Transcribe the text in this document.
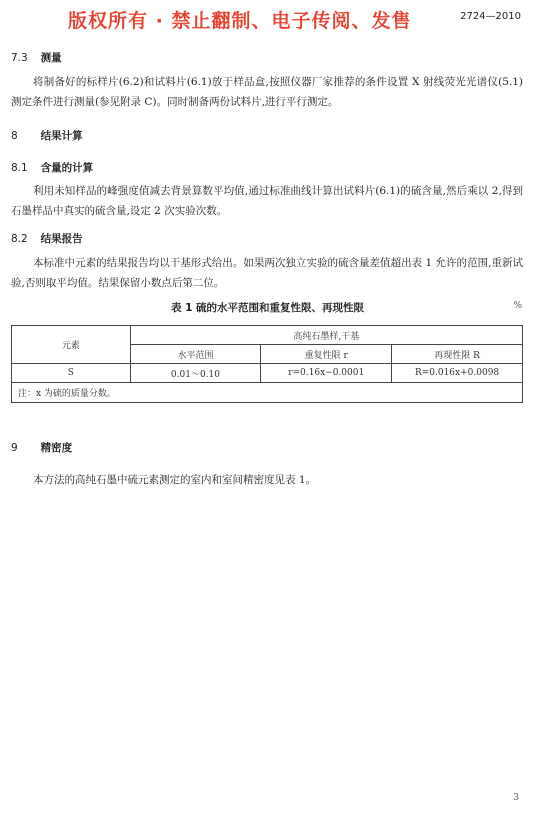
版权所有 · 禁止翻制、电子传阅、发售	2724—2010
7.3 测量

将制备好的标样片(6.2)和试料片(6.1)放于样品盒,按照仪器厂家推荐的条件设置 X 射线荧光光谱仪(5.1)测定条件进行测量(参见附录 C)。同时制备两份试料片,进行平行测定。

8 结果计算
8.1 含量的计算

利用未知样品的峰强度值减去背景算数平均值,通过标准曲线计算出试料片(6.1)的硫含量,然后乘以 2,得到石墨样品中真实的硫含量,设定 2 次实验次数。

8.2 结果报告

本标准中元素的结果报告均以干基形式给出。如果两次独立实验的硫含量差值超出表 1 允许的范围,重新试验,否则取平均值。结果保留小数点后第二位。

表 1 硫的水平范围和重复性限、再现性限	%
元素	高纯石墨样,干基		
	水平范围	重复性限 r	再现性限 R
S	0.01～0.10	r=0.16x−0.0001	R=0.016x+0.0098
注：x 为硫的质量分数。			
9 精密度

本方法的高纯石墨中硫元素测定的室内和室间精密度见表 1。

3
